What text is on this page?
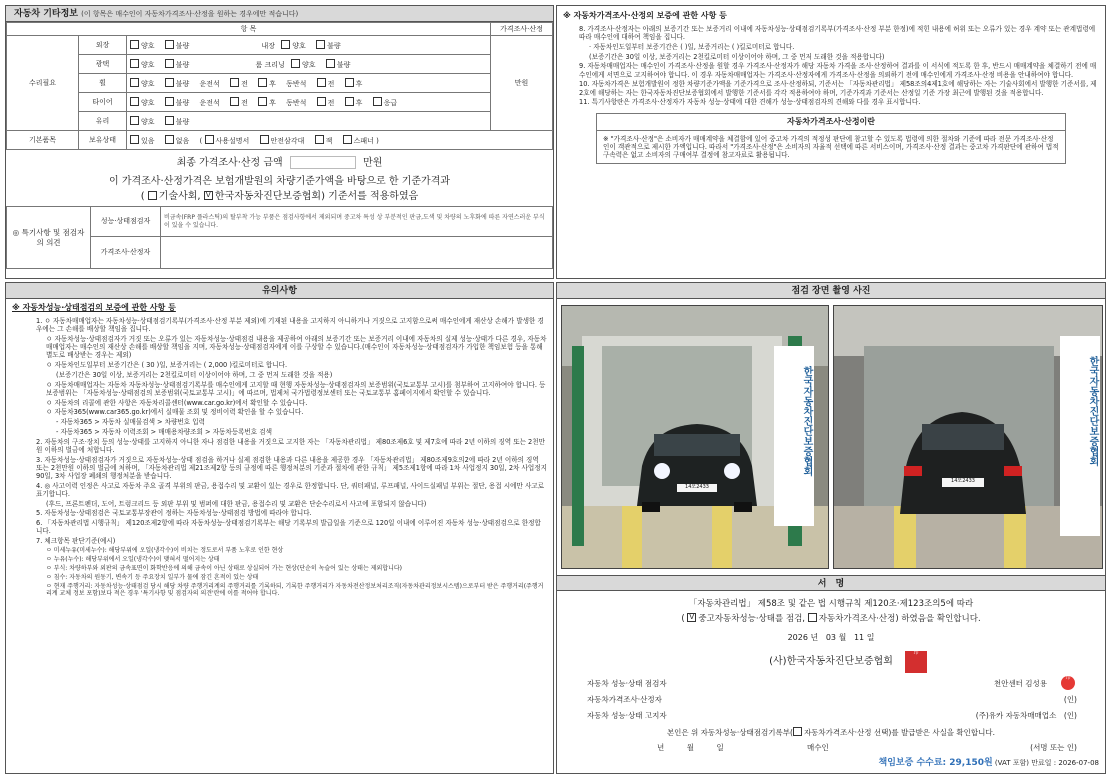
자동차 기타정보 (이 항목은 매수인이 자동차가격조사·산정을 원하는 경우에만 적습니다)
항 목			가격조사·산정
수리필요	외장	양호 불량 내장 양호 불량	만원
	광택	양호 불량 룸 크리닝 양호 불량	
	휠	양호 불량 운전석 전 후 동반석 전 후	
	타이어	양호 불량 운전석 전 후 동반석 전 후 응급	
	유리	양호 불량	
기본품목	보유상태	있음 없음 ( 사용설명서 안전삼각대 잭 스패너 )	
최종 가격조사·산정 금액	만원
이 가격조사·산정가격은 보험개발원의 차량기준가액을 바탕으로 한 기준가격과
( 기술사회, V 한국자동차진단보증협회) 기준서를 적용하였음
◎ 특기사항 및 점검자의 의견	성능·상태점검자	비금속(FRP 플라스틱)의 탈부착 가능 부품은 점검사항에서 제외되며 중고차 특성 상 부분적인 판금,도색 및 차량의 노후화에 따른 자연스러운 부식이 있을 수 있습니다.
	가격조사·산정자	
※ 자동차가격조사·산정의 보증에 관한 사항 등

8. 가격조사·산정자는 아래의 보증기간 또는 보증거리 이내에 자동차성능·상태점검기록부(가격조사·산정 부분 한정)에 적힌 내용에 허위 또는 오류가 있는 경우 계약 또는 관계법령에 따라 매수인에 대하여 책임을 집니다.

· 자동차인도일부터 보증기간은 ( )일, 보증거리는 ( )킬로미터로 합니다.

(보증기간은 30일 이상, 보증거리는 2천킬로미터 이상이어야 하며, 그 중 먼저 도래한 것을 적용합니다)

9. 자동차매매업자는 매수인이 가격조사·산정을 원할 경우 가격조사·산정자가 해당 자동차 가격을 조사·산정하여 결과를 이 서식에 적도록 한 후, 반드시 매매계약을 체결하기 전에 매수인에게 서면으로 고지하여야 합니다. 이 경우 자동차매매업자는 가격조사·산정자에게 가격조사·산정을 의뢰하기 전에 매수인에게 가격조사·산정 비용을 안내하여야 합니다.

10. 자동차가격은 보험개발원이 정한 차량기준가액을 기준가격으로 조사·산정하되, 기준서는 「자동차관리법」 제58조의4제1호에 해당하는 자는 기술사회에서 발행한 기준서를, 제2호에 해당하는 자는 한국자동차진단보증협회에서 발행한 기준서를 각각 적용하여야 하며, 기준가격과 기준서는 산정일 기준 가장 최근에 발행된 것을 적용합니다.

11. 특기사항란은 가격조사·산정자가 자동차 성능·상태에 대한 견해가 성능·상태점검자의 견해와 다를 경우 표시합니다.

자동차가격조사·산정이란
※ "가격조사·산정"은 소비자가 매매계약을 체결함에 있어 중고차 가격의 적정성 판단에 참고할 수 있도록 법령에 의한 절차와 기준에 따라 전문 가격조사·산정인이 객관적으로 제시한 가액입니다. 따라서 "가격조사·산정"은 소비자의 자율적 선택에 따른 서비스이며, 가격조사·산정 결과는 중고차 가격판단에 관하여 법적 구속력은 없고 소비자의 구매여부 결정에 참고자료로 활용됩니다.
유의사항
※ 자동차성능·상태점검의 보증에 관한 사항 등

1. ㅇ 자동차매매업자는 자동차성능·상태점검기록부(가격조사·산정 부분 제외)에 기재된 내용을 고지하지 아니하거나 거짓으로 고지함으로써 매수인에게 재산상 손해가 발생한 경우에는 그 손해를 배상할 책임을 집니다.

ㅇ 자동차성능·상태점검자가 거짓 또는 오류가 있는 자동차성능·상태점검 내용을 제공하여 아래의 보증기간 또는 보증거리 이내에 자동차의 실제 성능·상태가 다른 경우, 자동차매매업자는 매수인의 재산상 손해를 배상할 책임을 지며, 자동차성능·상태점검자에게 이를 구상할 수 있습니다.(매수인이 자동차성능·상태점검자가 가입한 책임보험 등을 통해 별도로 배상받는 경우는 제외)

ㅇ 자동차인도일부터 보증기간은 ( 30 )일, 보증거리는 ( 2,000 )킬로미터로 합니다.

(보증기간은 30일 이상, 보증거리는 2천킬로미터 이상이어야 하며, 그 중 먼저 도래한 것을 적용)

ㅇ 자동차매매업자는 자동차 자동차성능·상태점검기록부를 매수인에게 고지할 때 현행 자동차성능·상태점검자의 보증범위(국토교통부 고시)를 첨부하여 고지하여야 합니다. 등 보증범위는 「자동차성능·상태점검의 보증범위(국토교통부 고시)」에 따르며, 법제처 국가법령정보센터 또는 국토교통부 홈페이지에서 확인할 수 있습니다.

ㅇ 자동차의 리콜에 관한 사항은 자동차리콜센터(www.car.go.kr)에서 확인할 수 있습니다.

ㅇ 자동차365(www.car365.go.kr)에서 실매물 조회 및 정비이력 확인을 할 수 있습니다.

- 자동차365 > 자동차 실매물검색 > 차량번호 입력

- 자동차365 > 자동차 이력조회 > 매매용차량조회 > 자동차등록번호 검색

2. 자동차의 구조·장치 등의 성능·상태를 고지하지 아니한 자나 점검한 내용을 거짓으로 고지한 자는 「자동차관리법」 제80조제6호 및 제7호에 따라 2년 이하의 징역 또는 2천만원 이하의 벌금에 처합니다.

3. 자동차성능·상태점검자가 거짓으로 자동차성능·상태 점검을 하거나 실제 점검한 내용과 다른 내용을 제공한 경우 「자동차관리법」 제80조제9호의2에 따라 2년 이하의 징역 또는 2천만원 이하의 벌금에 처하며, 「자동차관리법 제21조제2항 등의 규정에 따른 행정처분의 기준과 절차에 관한 규칙」 제5조제1항에 따라 1차 사업정지 30일, 2차 사업정지 90일, 3차 사업장 폐쇄의 행정처분을 받습니다.

4. ◎ 사고이력 인정은 사고로 자동차 주요 골격 부위의 판금, 용접수리 및 교환이 있는 경우로 한정합니다. 단, 쿼터패널, 루프패널, 사이드실패널 부위는 절단, 용접 시에만 사고로 표기합니다.

(후드, 프론트펜더, 도어, 트렁크리드 등 외판 부위 및 범퍼에 대한 판금, 용접수리 및 교환은 단순수리로서 사고에 포함되지 않습니다)

5. 자동차성능·상태점검은 국토교통부장관이 정하는 자동차성능·상태점검 방법에 따라야 합니다.

6. 「자동차관리법 시행규칙」 제120조제2항에 따라 자동차성능·상태점검기록부는 해당 기록부의 발급일을 기준으로 120일 이내에 이루어진 자동차 성능·상태점검으로 한정합니다.

7. 체크항목 판단기준(예시)

ㅇ 미세누유(미세누수): 해당부위에 오일(냉각수)이 비치는 정도로서 부품 노후로 인한 현상

ㅇ 누유(누수): 해당부위에서 오일(냉각수)이 맺혀서 떨어지는 상태

ㅇ 부식: 차량하부와 외판의 금속표면이 화학반응에 의해 금속이 아닌 상태로 상실되어 가는 현상(단순히 녹슬어 있는 상태는 제외합니다)

ㅇ 침수: 자동차의 원동기, 변속기 등 주요장치 일부가 물에 잠긴 흔적이 있는 상태

ㅇ 현재 주행거리: 자동차성능·상태점검 당시 해당 차량 주행거리계의 주행거리를 기록하되, 기록한 주행거리가 자동차전산정보처리조직(자동차관리정보시스템)으로부터 받은 주행거리(주행거리계 교체 정보 포함)보다 적은 경우 '특기사항 및 점검자의 의견'란에 이를 적어야 합니다.

점검 장면 촬영 사진
14모2433
한국자동차진단보증협회
14모2433
한국자동차진단보증협회
서　명
「자동차관리법」 제58조 및 같은 법 시행규칙 제120조·제123조의5에 따라
( V중고자동차성능·상태를 점검, 자동차가격조사·산정) 하였음을 확인합니다.
2026 년 03 월 11 일
(사)한국자동차진단보증협회
印
자동차 성능·상태 점검자	천안센터 김성용
印
자동차가격조사·산정자	(인)
자동차 성능·상태 고지자	(주)유카 자동차매매업소　(인)
본인은 위 자동차성능·상태점검기록부( 자동차가격조사·산정 선택)를 발급받은 사실을 확인합니다.
년　　　월　　　일	매수인	(서명 또는 인)
책임보증 수수료: 29,150원 (VAT 포함) 만료일 : 2026-07-08
